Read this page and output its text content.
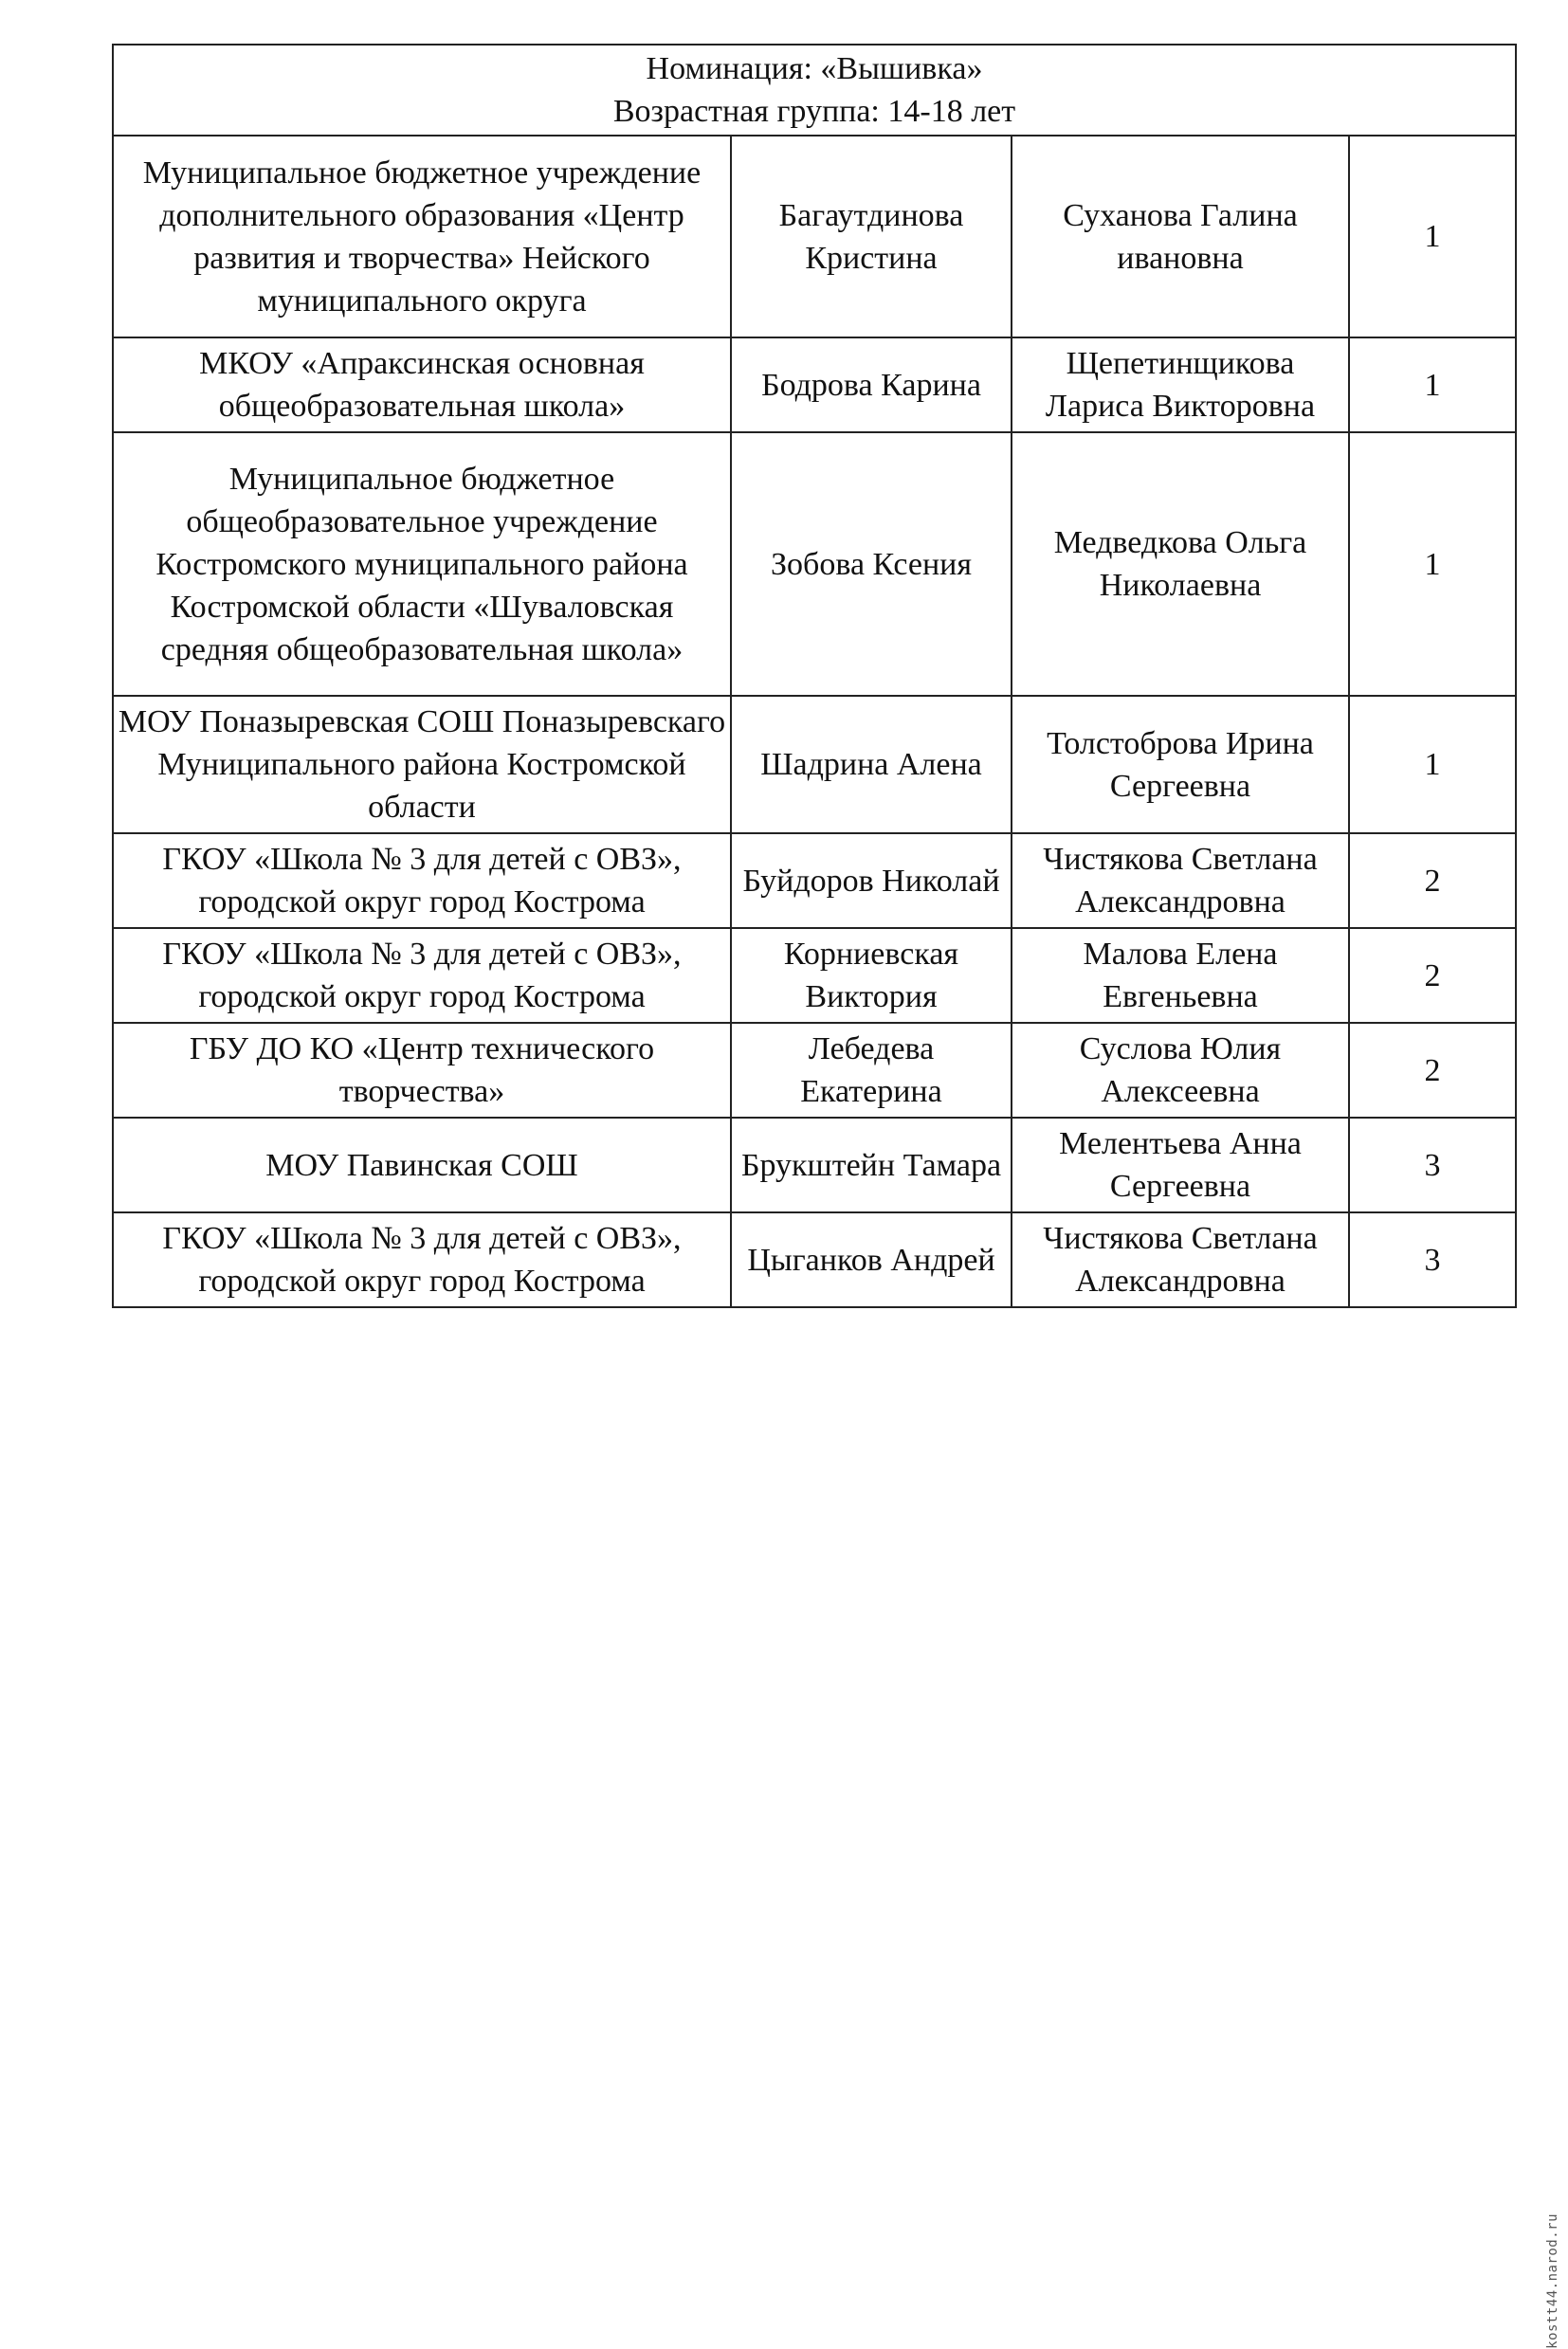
Номинация: «Вышивка»
Возрастная группа: 14-18 лет			

Муниципальное бюджетное учреждение дополнительного образования «Центр развития и творчества» Нейского муниципального округа	Багаутдинова Кристина	Суханова Галина ивановна	1
МКОУ «Апраксинская основная общеобразовательная школа»	Бодрова Карина	Щепетинщикова Лариса Викторовна	1
Муниципальное бюджетное общеобразовательное учреждение Костромского муниципального района Костромской области «Шуваловская средняя общеобразовательная школа»	Зобова Ксения	Медведкова Ольга Николаевна	1
МОУ Поназыревская СОШ Поназыревскаго Муниципального района Костромской области	Шадрина Алена	Толстоброва Ирина Сергеевна	1
ГКОУ «Школа № 3 для детей с ОВЗ», городской округ город Кострома	Буйдоров Николай	Чистякова Светлана Александровна	2
ГКОУ «Школа № 3 для детей с ОВЗ», городской округ город Кострома	Корниевская Виктория	Малова Елена Евгеньевна	2
ГБУ ДО КО «Центр технического творчества»	Лебедева Екатерина	Суслова Юлия Алексеевна	2
МОУ Павинская СОШ	Брукштейн Тамара	Мелентьева Анна Сергеевна	3
ГКОУ «Школа № 3 для детей с ОВЗ», городской округ город Кострома	Цыганков Андрей	Чистякова Светлана Александровна	3
kostt44.narod.ru
